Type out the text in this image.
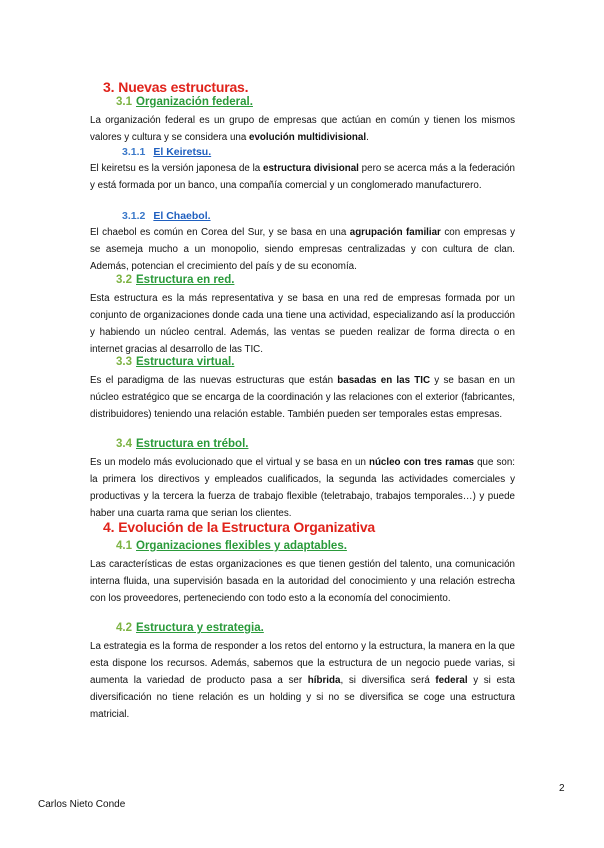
3. Nuevas estructuras.
3.1 Organización federal.
La organización federal es un grupo de empresas que actúan en común y tienen los mismos valores y cultura y se considera una evolución multidivisional.
3.1.1 El Keiretsu.
El keiretsu es la versión japonesa de la estructura divisional pero se acerca más a la federación y está formada por un banco, una compañía comercial y un conglomerado manufacturero.
3.1.2 El Chaebol.
El chaebol es común en Corea del Sur, y se basa en una agrupación familiar con empresas y se asemeja mucho a un monopolio, siendo empresas centralizadas y con cultura de clan. Además, potencian el crecimiento del país y de su economía.
3.2 Estructura en red.
Esta estructura es la más representativa y se basa en una red de empresas formada por un conjunto de organizaciones donde cada una tiene una actividad, especializando así la producción y habiendo un núcleo central. Además, las ventas se pueden realizar de forma directa o en internet gracias al desarrollo de las TIC.
3.3 Estructura virtual.
Es el paradigma de las nuevas estructuras que están basadas en las TIC y se basan en un núcleo estratégico que se encarga de la coordinación y las relaciones con el exterior (fabricantes, distribuidores) teniendo una relación estable. También pueden ser temporales estas empresas.
3.4 Estructura en trébol.
Es un modelo más evolucionado que el virtual y se basa en un núcleo con tres ramas que son: la primera los directivos y empleados cualificados, la segunda las actividades comerciales y productivas y la tercera la fuerza de trabajo flexible (teletrabajo, trabajos temporales…) y puede haber una cuarta rama que serian los clientes.
4. Evolución de la Estructura Organizativa
4.1 Organizaciones flexibles y adaptables.
Las características de estas organizaciones es que tienen gestión del talento, una comunicación interna fluida, una supervisión basada en la autoridad del conocimiento y una relación estrecha con los proveedores, perteneciendo con todo esto a la economía del conocimiento.
4.2 Estructura y estrategia.
La estrategia es la forma de responder a los retos del entorno y la estructura, la manera en la que esta dispone los recursos. Además, sabemos que la estructura de un negocio puede varias, si aumenta la variedad de producto pasa a ser híbrida, si diversifica será federal y si esta diversificación no tiene relación es un holding y si no se diversifica se coge una estructura matricial.
2
Carlos Nieto Conde
